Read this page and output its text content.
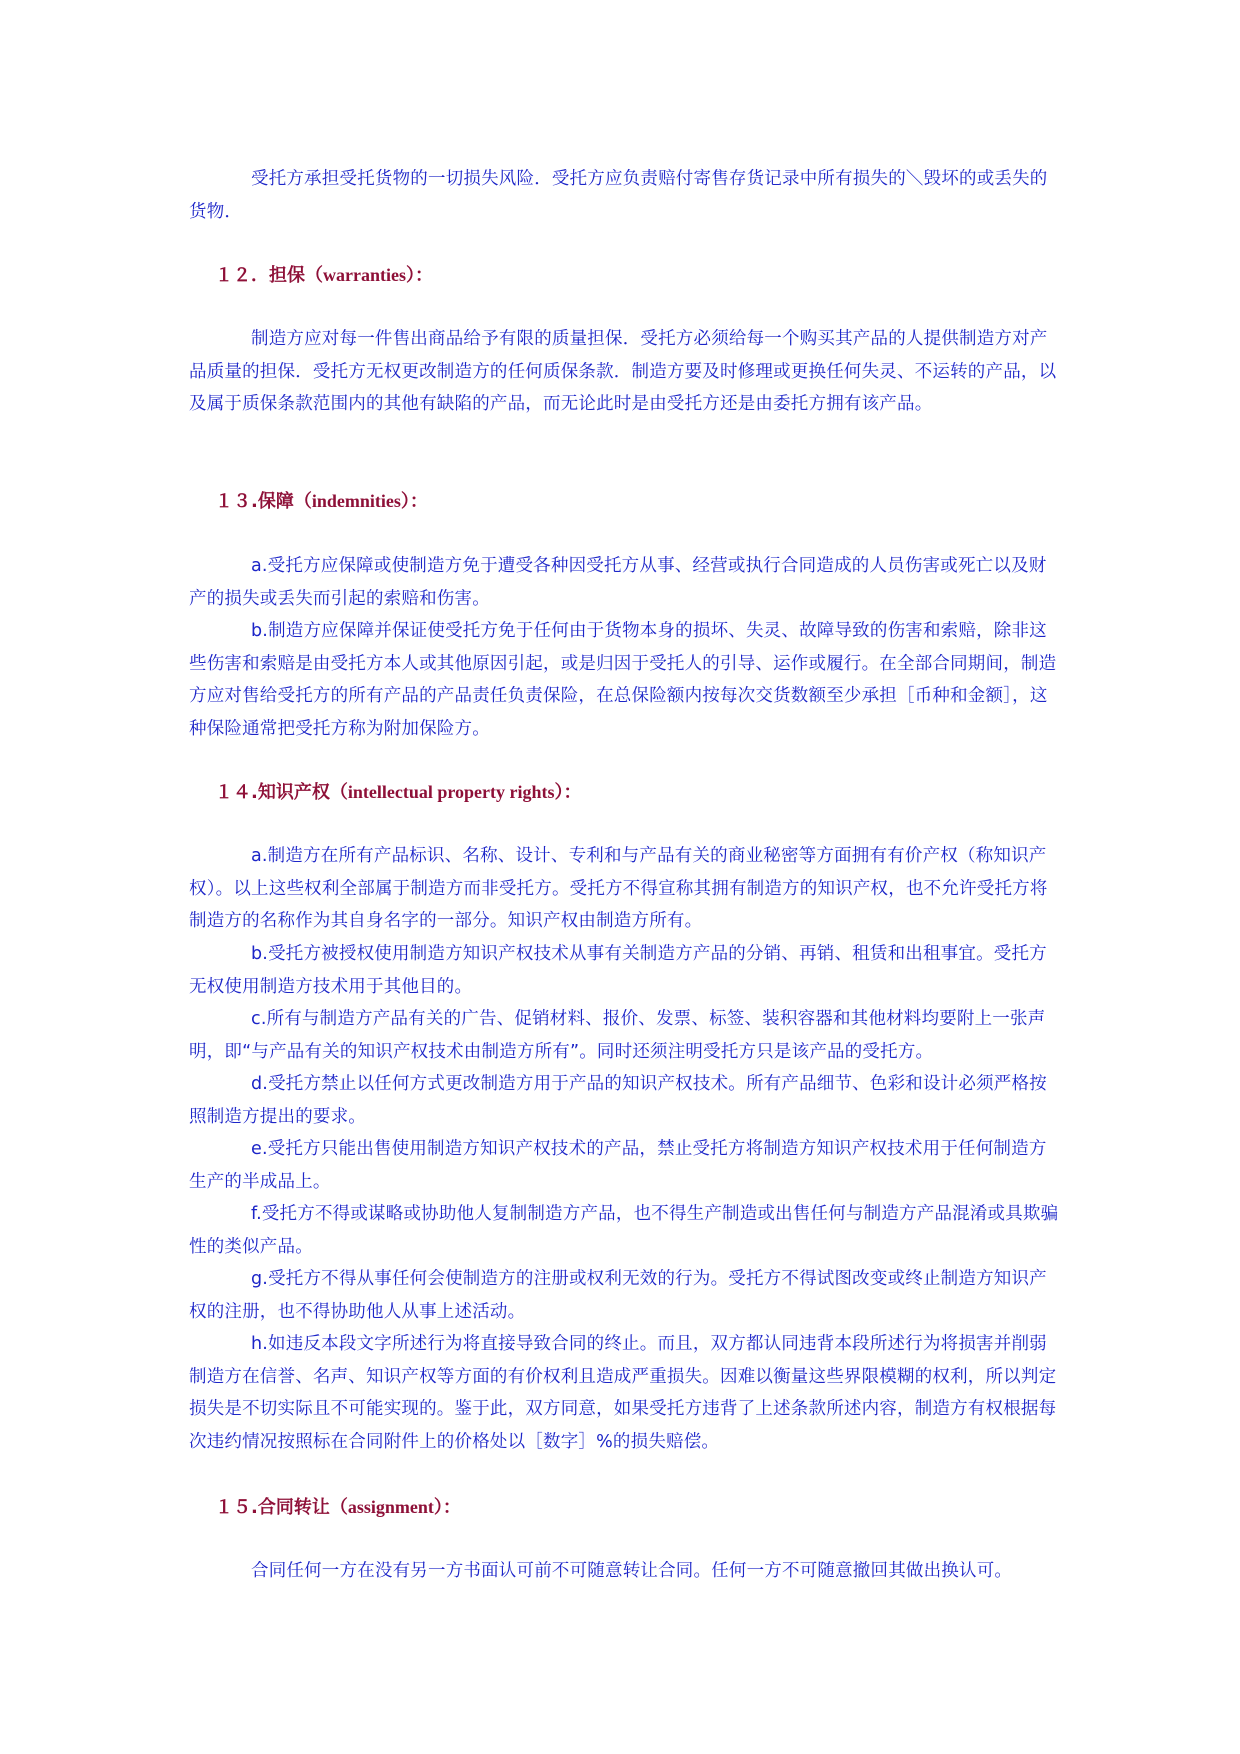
受托方承担受托货物的一切损失风险．受托方应负责赔付寄售存货记录中所有损失的＼毁坏的或丢失的货物．

１２．担保（warranties）：

制造方应对每一件售出商品给予有限的质量担保．受托方必须给每一个购买其产品的人提供制造方对产品质量的担保．受托方无权更改制造方的任何质保条款．制造方要及时修理或更换任何失灵、不运转的产品，以及属于质保条款范围内的其他有缺陷的产品，而无论此时是由受托方还是由委托方拥有该产品。

１３.保障（indemnities）：

a.受托方应保障或使制造方免于遭受各种因受托方从事、经营或执行合同造成的人员伤害或死亡以及财产的损失或丢失而引起的索赔和伤害。

b.制造方应保障并保证使受托方免于任何由于货物本身的损坏、失灵、故障导致的伤害和索赔，除非这些伤害和索赔是由受托方本人或其他原因引起，或是归因于受托人的引导、运作或履行。在全部合同期间，制造方应对售给受托方的所有产品的产品责任负责保险，在总保险额内按每次交货数额至少承担［币种和金额］，这种保险通常把受托方称为附加保险方。

１４.知识产权（intellectual property rights）：

a.制造方在所有产品标识、名称、设计、专利和与产品有关的商业秘密等方面拥有有价产权（称知识产权）。以上这些权利全部属于制造方而非受托方。受托方不得宣称其拥有制造方的知识产权，也不允许受托方将制造方的名称作为其自身名字的一部分。知识产权由制造方所有。

b.受托方被授权使用制造方知识产权技术从事有关制造方产品的分销、再销、租赁和出租事宜。受托方无权使用制造方技术用于其他目的。

c.所有与制造方产品有关的广告、促销材料、报价、发票、标签、装积容器和其他材料均要附上一张声明，即“与产品有关的知识产权技术由制造方所有”。同时还须注明受托方只是该产品的受托方。

d.受托方禁止以任何方式更改制造方用于产品的知识产权技术。所有产品细节、色彩和设计必须严格按照制造方提出的要求。

e.受托方只能出售使用制造方知识产权技术的产品，禁止受托方将制造方知识产权技术用于任何制造方生产的半成品上。

f.受托方不得或谋略或协助他人复制制造方产品，也不得生产制造或出售任何与制造方产品混淆或具欺骗性的类似产品。

g.受托方不得从事任何会使制造方的注册或权利无效的行为。受托方不得试图改变或终止制造方知识产权的注册，也不得协助他人从事上述活动。

h.如违反本段文字所述行为将直接导致合同的终止。而且，双方都认同违背本段所述行为将损害并削弱制造方在信誉、名声、知识产权等方面的有价权利且造成严重损失。因难以衡量这些界限模糊的权利，所以判定损失是不切实际且不可能实现的。鉴于此，双方同意，如果受托方违背了上述条款所述内容，制造方有权根据每次违约情况按照标在合同附件上的价格处以［数字］%的损失赔偿。

１５.合同转让（assignment）：

合同任何一方在没有另一方书面认可前不可随意转让合同。任何一方不可随意撤回其做出换认可。
